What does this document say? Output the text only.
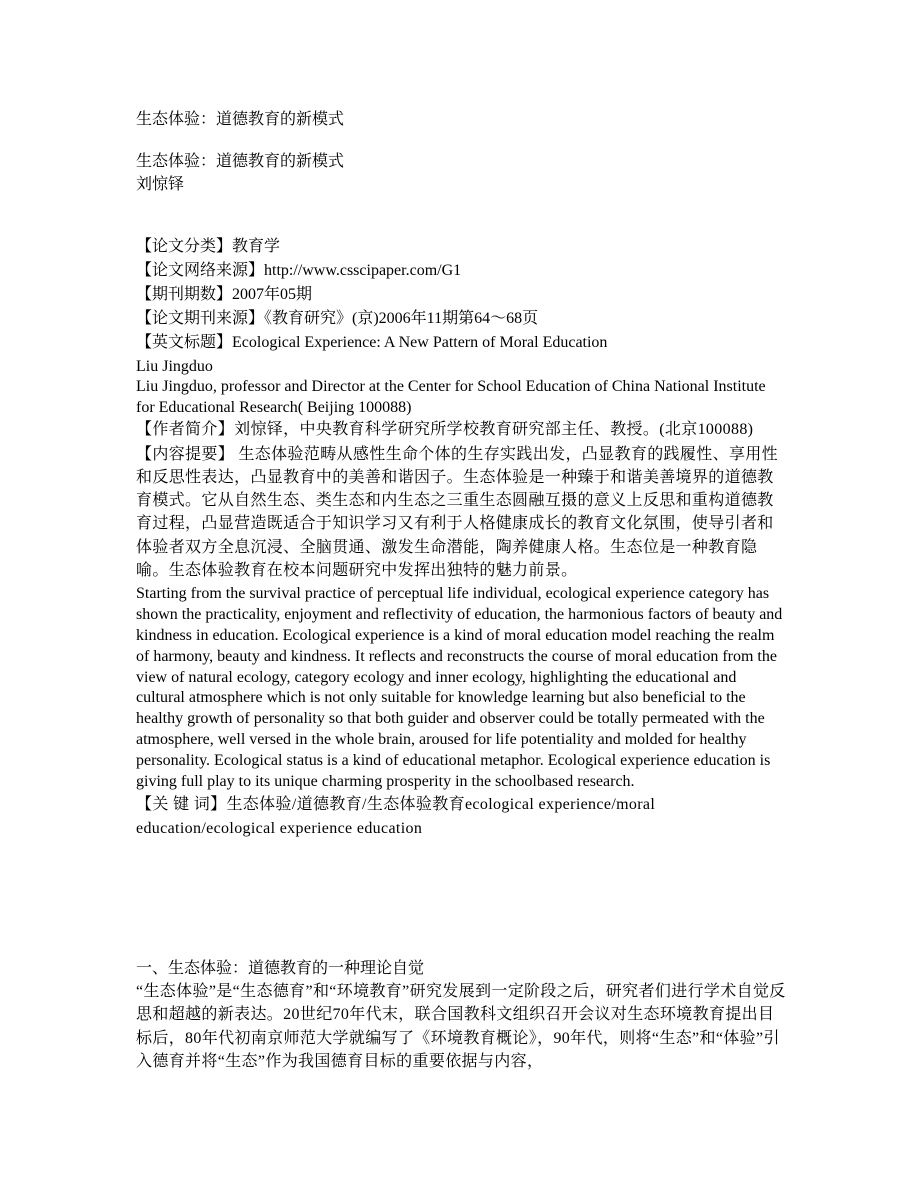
生态体验：道德教育的新模式
生态体验：道德教育的新模式
刘惊铎
【论文分类】教育学
【论文网络来源】http://www.csscipaper.com/G1
【期刊期数】2007年05期
【论文期刊来源】《教育研究》(京)2006年11期第64～68页
【英文标题】Ecological Experience: A New Pattern of Moral Education
Liu Jingduo

Liu Jingduo, professor and Director at the Center for School Education of China National Institute for Educational Research( Beijing 100088)

【作者简介】刘惊铎，中央教育科学研究所学校教育研究部主任、教授。(北京100088)

【内容提要】 生态体验范畴从感性生命个体的生存实践出发，凸显教育的践履性、享用性和反思性表达，凸显教育中的美善和谐因子。生态体验是一种臻于和谐美善境界的道德教育模式。它从自然生态、类生态和内生态之三重生态圆融互摄的意义上反思和重构道德教育过程，凸显营造既适合于知识学习又有利于人格健康成长的教育文化氛围，使导引者和体验者双方全息沉浸、全脑贯通、激发生命潜能，陶养健康人格。生态位是一种教育隐喻。生态体验教育在校本问题研究中发挥出独特的魅力前景。

Starting from the survival practice of perceptual life individual, ecological experience category has shown the practicality, enjoyment and reflectivity of education, the harmonious factors of beauty and kindness in education. Ecological experience is a kind of moral education model reaching the realm of harmony, beauty and kindness. It reflects and reconstructs the course of moral education from the view of natural ecology, category ecology and inner ecology, highlighting the educational and cultural atmosphere which is not only suitable for knowledge learning but also beneficial to the healthy growth of personality so that both guider and observer could be totally permeated with the atmosphere, well versed in the whole brain, aroused for life potentiality and molded for healthy personality. Ecological status is a kind of educational metaphor. Ecological experience education is giving full play to its unique charming prosperity in the schoolbased research.

【关 键 词】生态体验/道德教育/生态体验教育ecological experience/moral education/ecological experience education

一、生态体验：道德教育的一种理论自觉

“生态体验”是“生态德育”和“环境教育”研究发展到一定阶段之后，研究者们进行学术自觉反思和超越的新表达。20世纪70年代末，联合国教科文组织召开会议对生态环境教育提出目标后，80年代初南京师范大学就编写了《环境教育概论》，90年代，则将“生态”和“体验”引入德育并将“生态”作为我国德育目标的重要依据与内容，
